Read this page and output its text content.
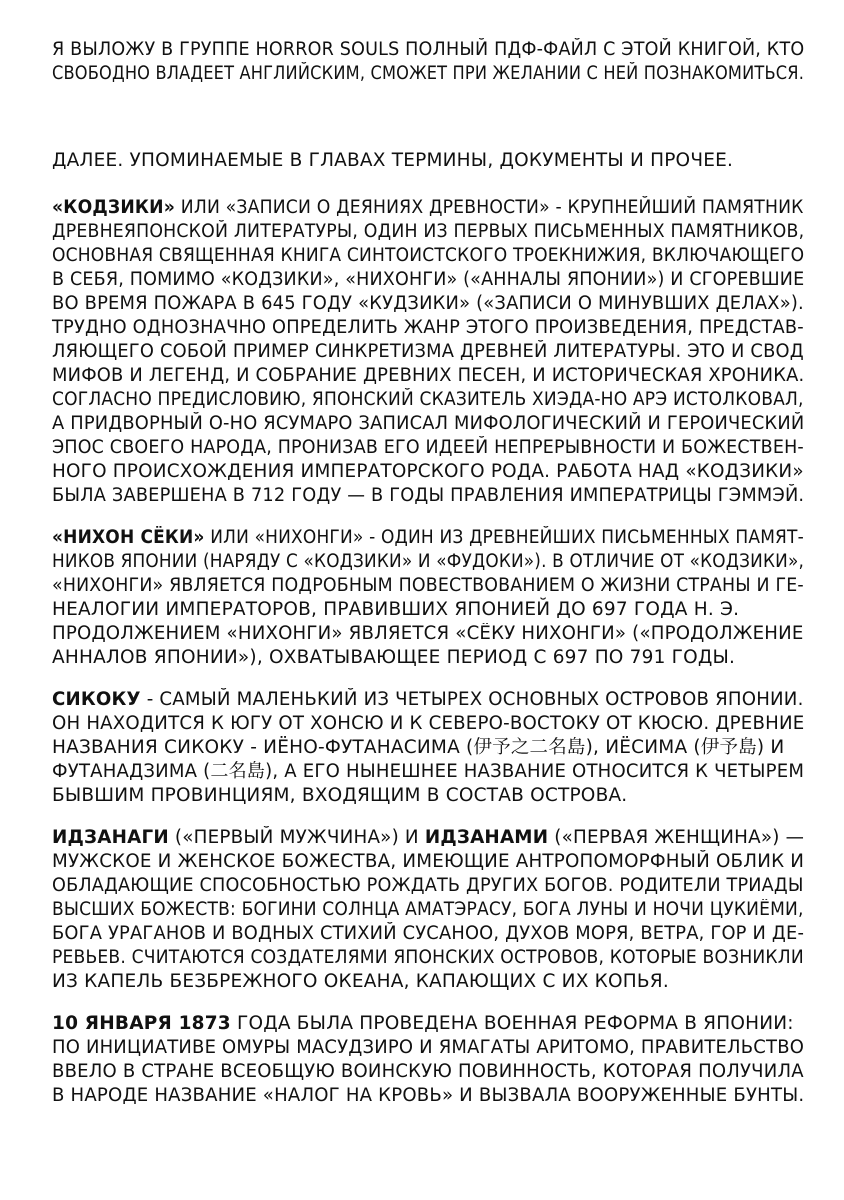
Я ВЫЛОЖУ В ГРУППЕ HORROR SOULS ПОЛНЫЙ ПДФ-ФАЙЛ С ЭТОЙ КНИГОЙ, КТО
СВОБОДНО ВЛАДЕЕТ АНГЛИЙСКИМ, СМОЖЕТ ПРИ ЖЕЛАНИИ С НЕЙ ПОЗНАКОМИТЬСЯ.
ДАЛЕЕ. УПОМИНАЕМЫЕ В ГЛАВАХ ТЕРМИНЫ, ДОКУМЕНТЫ И ПРОЧЕЕ.
«КОДЗИКИ» ИЛИ «ЗАПИСИ О ДЕЯНИЯХ ДРЕВНОСТИ» - КРУПНЕЙШИЙ ПАМЯТНИК
ДРЕВНЕЯПОНСКОЙ ЛИТЕРАТУРЫ, ОДИН ИЗ ПЕРВЫХ ПИСЬМЕННЫХ ПАМЯТНИКОВ,
ОСНОВНАЯ СВЯЩЕННАЯ КНИГА СИНТОИСТСКОГО ТРОЕКНИЖИЯ, ВКЛЮЧАЮЩЕГО
В СЕБЯ, ПОМИМО «КОДЗИКИ», «НИХОНГИ» («АННАЛЫ ЯПОНИИ») И СГОРЕВШИЕ
ВО ВРЕМЯ ПОЖАРА В 645 ГОДУ «КУДЗИКИ» («ЗАПИСИ О МИНУВШИХ ДЕЛАХ»).
ТРУДНО ОДНОЗНАЧНО ОПРЕДЕЛИТЬ ЖАНР ЭТОГО ПРОИЗВЕДЕНИЯ, ПРЕДСТАВ-
ЛЯЮЩЕГО СОБОЙ ПРИМЕР СИНКРЕТИЗМА ДРЕВНЕЙ ЛИТЕРАТУРЫ. ЭТО И СВОД
МИФОВ И ЛЕГЕНД, И СОБРАНИЕ ДРЕВНИХ ПЕСЕН, И ИСТОРИЧЕСКАЯ ХРОНИКА.
СОГЛАСНО ПРЕДИСЛОВИЮ, ЯПОНСКИЙ СКАЗИТЕЛЬ ХИЭДА-НО АРЭ ИСТОЛКОВАЛ,
А ПРИДВОРНЫЙ О-НО ЯСУМАРО ЗАПИСАЛ МИФОЛОГИЧЕСКИЙ И ГЕРОИЧЕСКИЙ
ЭПОС СВОЕГО НАРОДА, ПРОНИЗАВ ЕГО ИДЕЕЙ НЕПРЕРЫВНОСТИ И БОЖЕСТВЕН-
НОГО ПРОИСХОЖДЕНИЯ ИМПЕРАТОРСКОГО РОДА. РАБОТА НАД «КОДЗИКИ»
БЫЛА ЗАВЕРШЕНА В 712 ГОДУ — В ГОДЫ ПРАВЛЕНИЯ ИМПЕРАТРИЦЫ ГЭММЭЙ.
«НИХОН СЁКИ» ИЛИ «НИХОНГИ» - ОДИН ИЗ ДРЕВНЕЙШИХ ПИСЬМЕННЫХ ПАМЯТ-
НИКОВ ЯПОНИИ (НАРЯДУ С «КОДЗИКИ» И «ФУДОКИ»). В ОТЛИЧИЕ ОТ «КОДЗИКИ»,
«НИХОНГИ» ЯВЛЯЕТСЯ ПОДРОБНЫМ ПОВЕСТВОВАНИЕМ О ЖИЗНИ СТРАНЫ И ГЕ-
НЕАЛОГИИ ИМПЕРАТОРОВ, ПРАВИВШИХ ЯПОНИЕЙ ДО 697 ГОДА Н. Э.
ПРОДОЛЖЕНИЕМ «НИХОНГИ» ЯВЛЯЕТСЯ «СЁКУ НИХОНГИ» («ПРОДОЛЖЕНИЕ
АННАЛОВ ЯПОНИИ»), ОХВАТЫВАЮЩЕЕ ПЕРИОД С 697 ПО 791 ГОДЫ.
СИКОКУ - САМЫЙ МАЛЕНЬКИЙ ИЗ ЧЕТЫРЕХ ОСНОВНЫХ ОСТРОВОВ ЯПОНИИ.
ОН НАХОДИТСЯ К ЮГУ ОТ ХОНСЮ И К СЕВЕРО-ВОСТОКУ ОТ КЮСЮ. ДРЕВНИЕ
НАЗВАНИЯ СИКОКУ - ИЁНО-ФУТАНАСИМА (伊予之二名島), ИЁСИМА (伊予島) И
ФУТАНАДЗИМА (二名島), А ЕГО НЫНЕШНЕЕ НАЗВАНИЕ ОТНОСИТСЯ К ЧЕТЫРЕМ
БЫВШИМ ПРОВИНЦИЯМ, ВХОДЯЩИМ В СОСТАВ ОСТРОВА.
ИДЗАНАГИ («ПЕРВЫЙ МУЖЧИНА») И ИДЗАНАМИ («ПЕРВАЯ ЖЕНЩИНА») —
МУЖСКОЕ И ЖЕНСКОЕ БОЖЕСТВА, ИМЕЮЩИЕ АНТРОПОМОРФНЫЙ ОБЛИК И
ОБЛАДАЮЩИЕ СПОСОБНОСТЬЮ РОЖДАТЬ ДРУГИХ БОГОВ. РОДИТЕЛИ ТРИАДЫ
ВЫСШИХ БОЖЕСТВ: БОГИНИ СОЛНЦА АМАТЭРАСУ, БОГА ЛУНЫ И НОЧИ ЦУКИЁМИ,
БОГА УРАГАНОВ И ВОДНЫХ СТИХИЙ СУСАНОО, ДУХОВ МОРЯ, ВЕТРА, ГОР И ДЕ-
РЕВЬЕВ. СЧИТАЮТСЯ СОЗДАТЕЛЯМИ ЯПОНСКИХ ОСТРОВОВ, КОТОРЫЕ ВОЗНИКЛИ
ИЗ КАПЕЛЬ БЕЗБРЕЖНОГО ОКЕАНА, КАПАЮЩИХ С ИХ КОПЬЯ.
10 ЯНВАРЯ 1873 ГОДА БЫЛА ПРОВЕДЕНА ВОЕННАЯ РЕФОРМА В ЯПОНИИ:
ПО ИНИЦИАТИВЕ ОМУРЫ МАСУДЗИРО И ЯМАГАТЫ АРИТОМО, ПРАВИТЕЛЬСТВО
ВВЕЛО В СТРАНЕ ВСЕОБЩУЮ ВОИНСКУЮ ПОВИННОСТЬ, КОТОРАЯ ПОЛУЧИЛА
В НАРОДЕ НАЗВАНИЕ «НАЛОГ НА КРОВЬ» И ВЫЗВАЛА ВООРУЖЕННЫЕ БУНТЫ.
